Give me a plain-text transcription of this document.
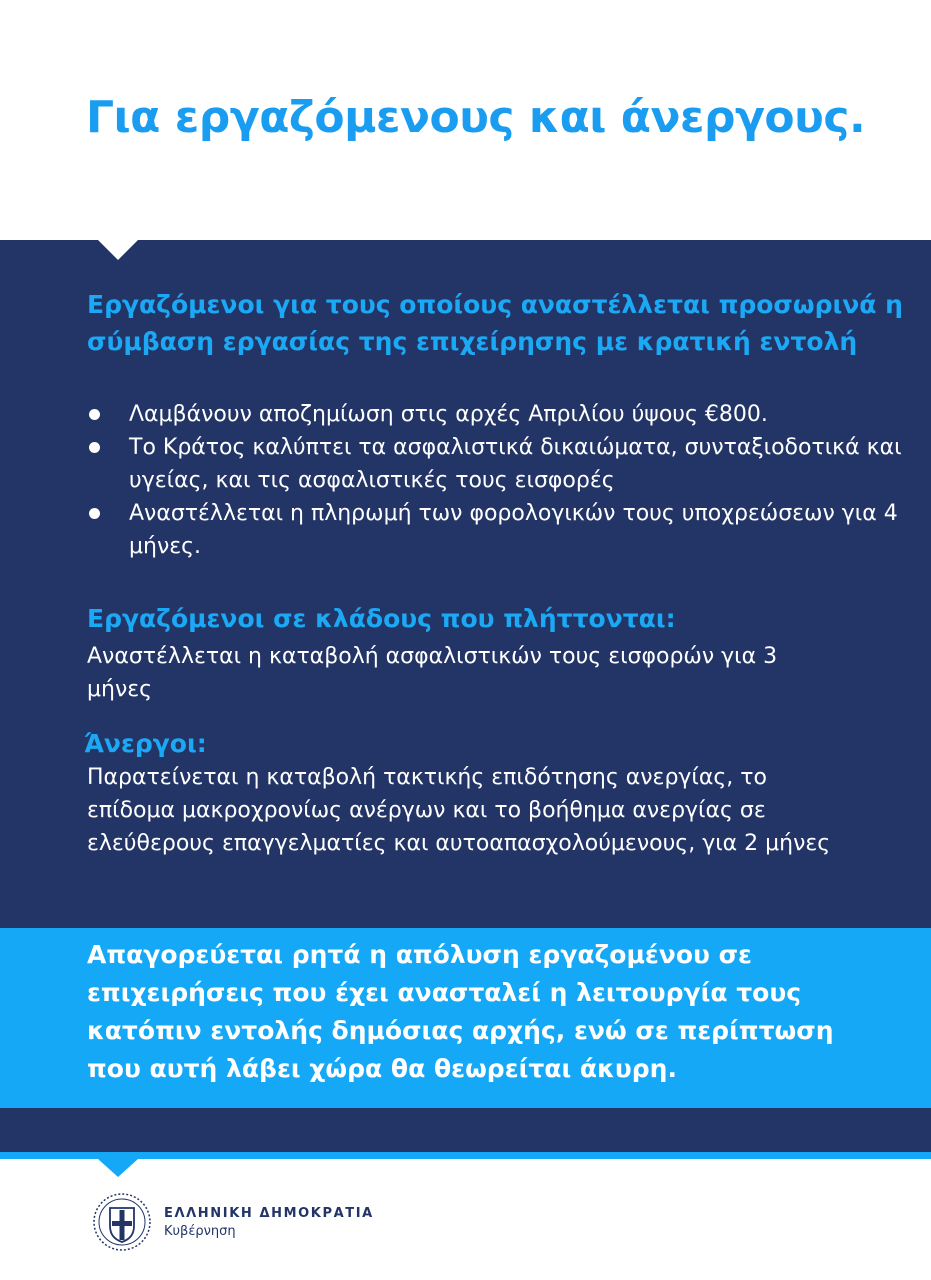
Για εργαζόμενους και άνεργους.
Εργαζόμενοι για τους οποίους αναστέλλεται προσωρινά η σύμβαση εργασίας της επιχείρησης με κρατική εντολή
Λαμβάνουν αποζημίωση στις αρχές Απριλίου ύψους €800.
Το Κράτος καλύπτει τα ασφαλιστικά δικαιώματα, συνταξιοδοτικά και υγείας, και τις ασφαλιστικές τους εισφορές
Αναστέλλεται η πληρωμή των φορολογικών τους υποχρεώσεων για 4 μήνες.
Εργαζόμενοι σε κλάδους που πλήττονται:

Αναστέλλεται η καταβολή ασφαλιστικών τους εισφορών για 3 μήνες

Άνεργοι:

Παρατείνεται η καταβολή τακτικής επιδότησης ανεργίας, το επίδομα μακροχρονίως ανέργων και το βοήθημα ανεργίας σε ελεύθερους επαγγελματίες και αυτοαπασχολούμενους, για 2 μήνες

Απαγορεύεται ρητά η απόλυση εργαζομένου σε επιχειρήσεις που έχει ανασταλεί η λειτουργία τους κατόπιν εντολής δημόσιας αρχής, ενώ σε περίπτωση που αυτή λάβει χώρα θα θεωρείται άκυρη.

ΕΛΛΗΝΙΚΗ ΔΗΜΟΚΡΑΤΙΑ

Κυβέρνηση
